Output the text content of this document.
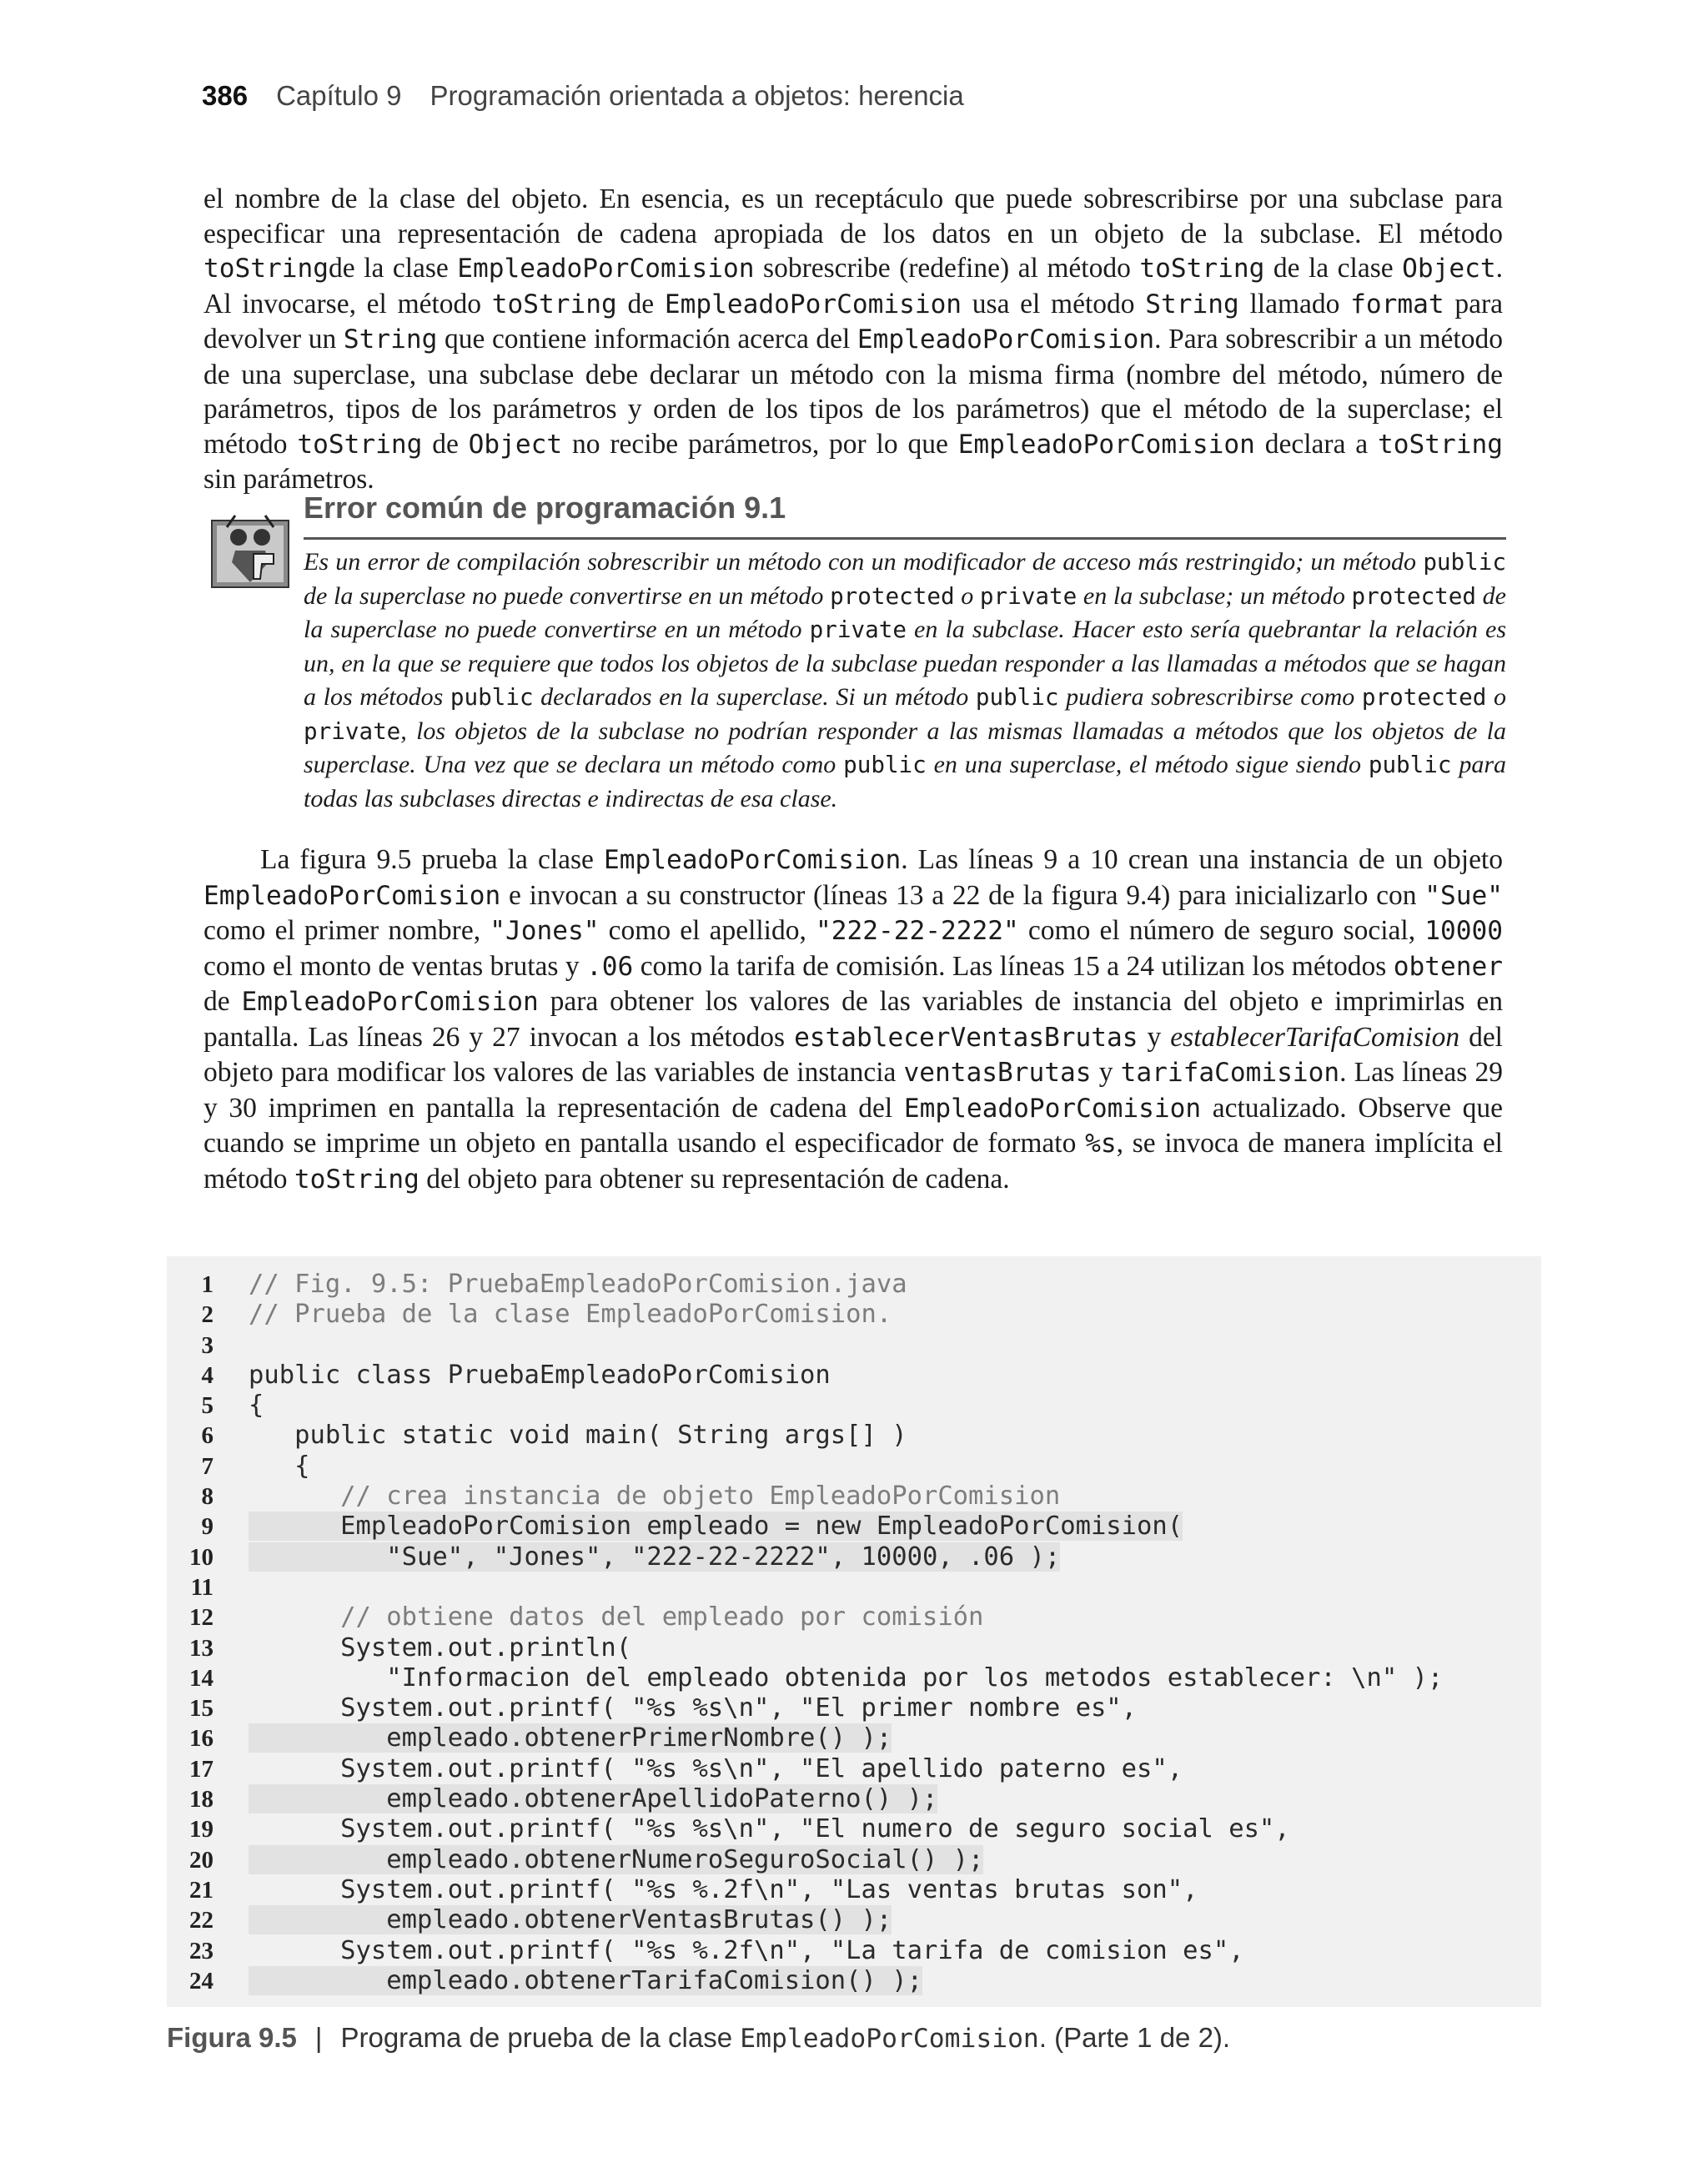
386 Capítulo 9 Programación orientada a objetos: herencia
el nombre de la clase del objeto. En esencia, es un receptáculo que puede sobrescribirse por una subclase para especificar una representación de cadena apropiada de los datos en un objeto de la subclase. El método toStringde la clase EmpleadoPorComision sobrescribe (redefine) al método toString de la clase Object. Al invocarse, el método toString de EmpleadoPorComision usa el método String llamado format para devolver un String que contiene información acerca del EmpleadoPorComision. Para sobrescribir a un método de una superclase, una subclase debe declarar un método con la misma firma (nombre del método, número de parámetros, tipos de los parámetros y orden de los tipos de los parámetros) que el método de la superclase; el método toString de Object no recibe parámetros, por lo que EmpleadoPorComision declara a toString sin parámetros.
Error común de programación 9.1
Es un error de compilación sobrescribir un método con un modificador de acceso más restringido; un método public de la superclase no puede convertirse en un método protected o private en la subclase; un método protected de la superclase no puede convertirse en un método private en la subclase. Hacer esto sería quebrantar la relación es un, en la que se requiere que todos los objetos de la subclase puedan responder a las llamadas a métodos que se hagan a los métodos public declarados en la superclase. Si un método public pudiera sobrescribirse como protected o private, los objetos de la subclase no podrían responder a las mismas llamadas a métodos que los objetos de la superclase. Una vez que se declara un método como public en una superclase, el método sigue siendo public para todas las subclases directas e indirectas de esa clase.
La figura 9.5 prueba la clase EmpleadoPorComision. Las líneas 9 a 10 crean una instancia de un objeto EmpleadoPorComision e invocan a su constructor (líneas 13 a 22 de la figura 9.4) para inicializarlo con "Sue" como el primer nombre, "Jones" como el apellido, "222-22-2222" como el número de seguro social, 10000 como el monto de ventas brutas y .06 como la tarifa de comisión. Las líneas 15 a 24 utilizan los métodos obtener de EmpleadoPorComision para obtener los valores de las variables de instancia del objeto e imprimirlas en pantalla. Las líneas 26 y 27 invocan a los métodos establecerVentasBrutas y establecerTarifaComision del objeto para modificar los valores de las variables de instancia ventasBrutas y tarifaComision. Las líneas 29 y 30 imprimen en pantalla la representación de cadena del EmpleadoPorComision actualizado. Observe que cuando se imprime un objeto en pantalla usando el especificador de formato %s, se invoca de manera implícita el método toString del objeto para obtener su representación de cadena.
1 // Fig. 9.5: PruebaEmpleadoPorComision.java
2 // Prueba de la clase EmpleadoPorComision.
3
4 public class PruebaEmpleadoPorComision
5 {
6   public static void main( String args[] )
7   {
8      // crea instancia de objeto EmpleadoPorComision
9      EmpleadoPorComision empleado = new EmpleadoPorComision(
10         "Sue", "Jones", "222-22-2222", 10000, .06 );
11
12      // obtiene datos del empleado por comisión
13      System.out.println(
14         "Informacion del empleado obtenida por los metodos establecer: \n" );
15      System.out.printf( "%s %s\n", "El primer nombre es",
16         empleado.obtenerPrimerNombre() );
17      System.out.printf( "%s %s\n", "El apellido paterno es",
18         empleado.obtenerApellidoPaterno() );
19      System.out.printf( "%s %s\n", "El numero de seguro social es",
20         empleado.obtenerNumeroSeguroSocial() );
21      System.out.printf( "%s %.2f\n", "Las ventas brutas son",
22         empleado.obtenerVentasBrutas() );
23      System.out.printf( "%s %.2f\n", "La tarifa de comision es",
24         empleado.obtenerTarifaComision() );
Figura 9.5 | Programa de prueba de la clase EmpleadoPorComision. (Parte 1 de 2).
